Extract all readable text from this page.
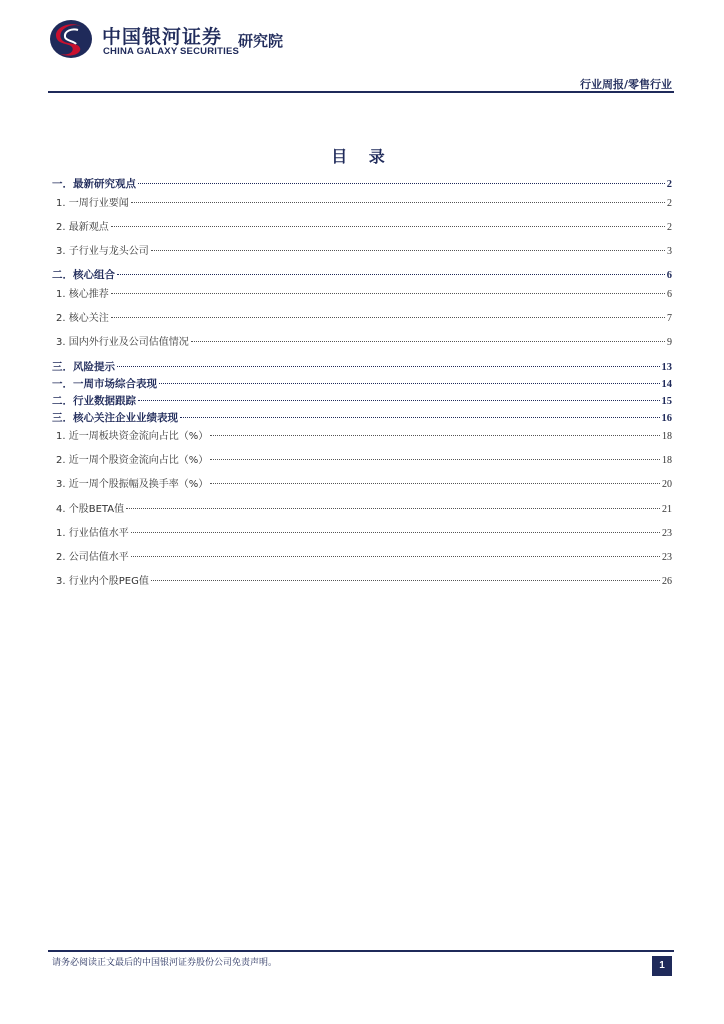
中国银河证券
CHINA GALAXY SECURITIES
研究院
行业周报/零售行业
目 录
一．最新研究观点	2
1. 一周行业要闻	2
2. 最新观点	2
3. 子行业与龙头公司	3
二．核心组合	6
1. 核心推荐	6
2. 核心关注	7
3. 国内外行业及公司估值情况	9
三．风险提示	13
一．一周市场综合表现	14
二．行业数据跟踪	15
三．核心关注企业业绩表现	16
1. 近一周板块资金流向占比（%）	18
2. 近一周个股资金流向占比（%）	18
3. 近一周个股振幅及换手率（%）	20
4. 个股BETA值	21
1. 行业估值水平	23
2. 公司估值水平	23
3. 行业内个股PEG值	26
请务必阅读正文最后的中国银河证券股份公司免责声明。	1
